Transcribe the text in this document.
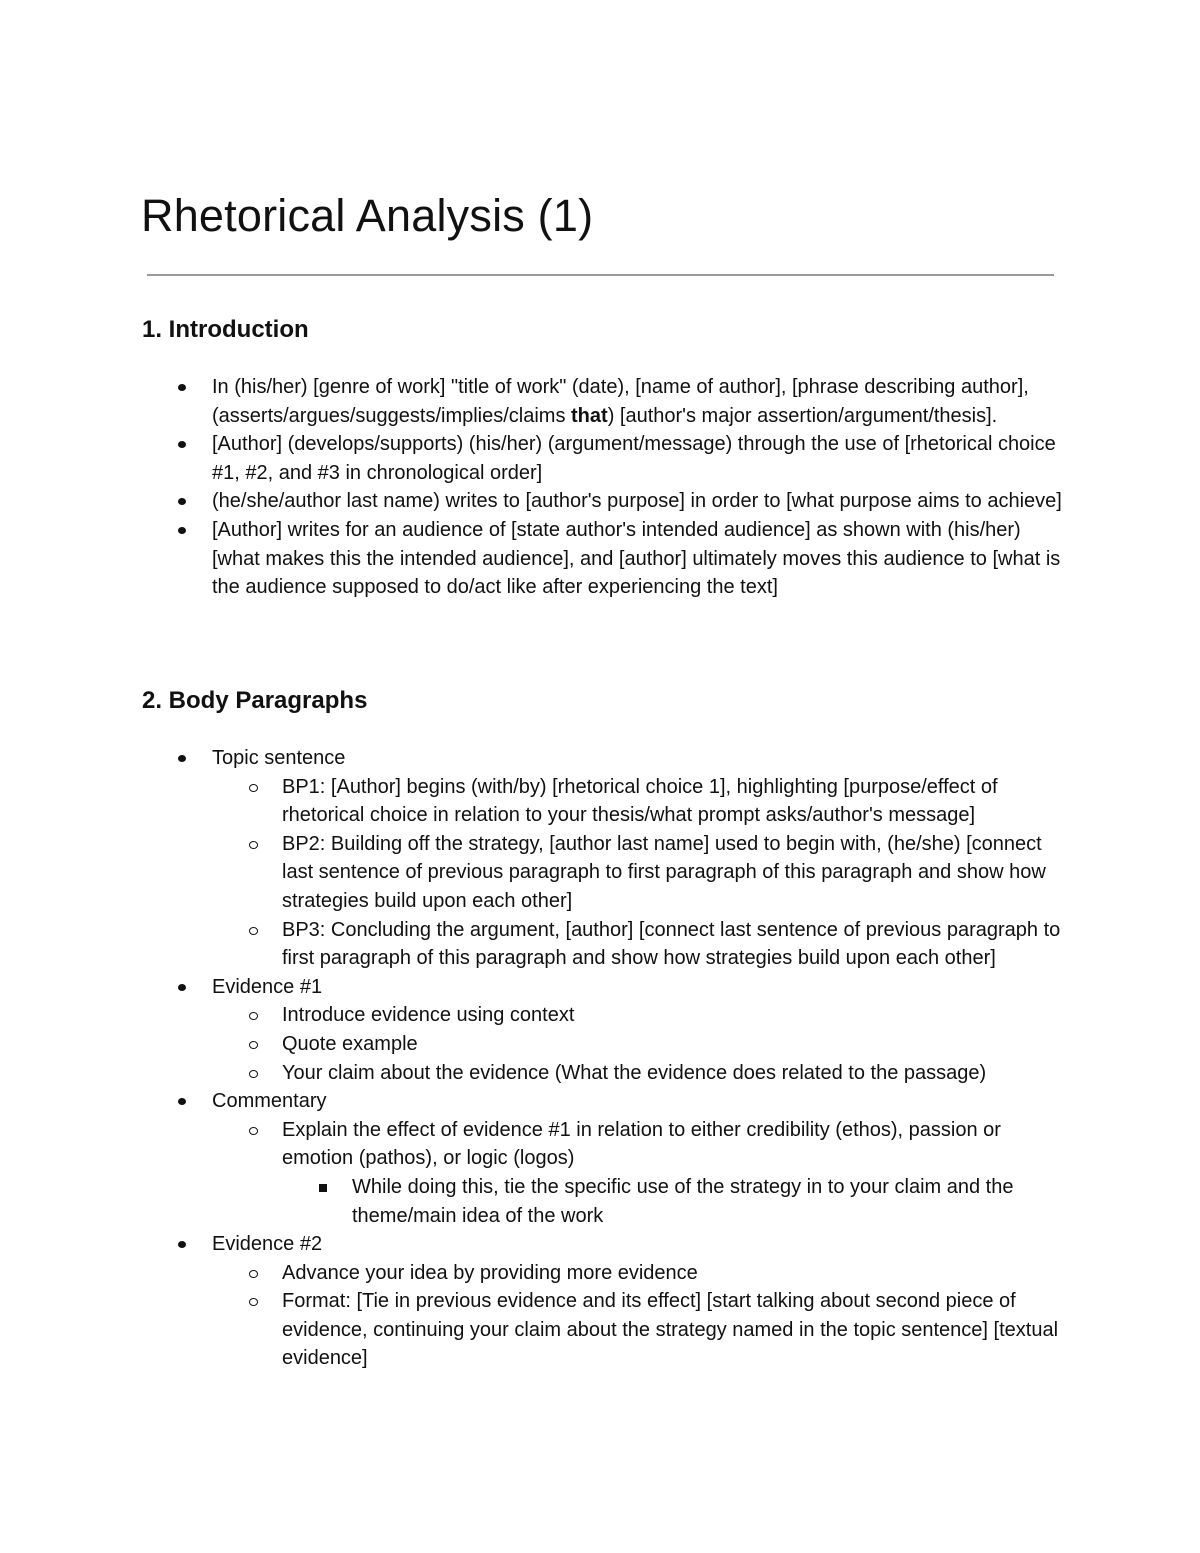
Rhetorical Analysis (1)
1. Introduction
In (his/her) [genre of work] "title of work" (date), [name of author], [phrase describing author], (asserts/argues/suggests/implies/claims that) [author's major assertion/argument/thesis].
[Author] (develops/supports) (his/her) (argument/message) through the use of [rhetorical choice #1, #2, and #3 in chronological order]
(he/she/author last name) writes to [author's purpose] in order to [what purpose aims to achieve]
[Author] writes for an audience of [state author's intended audience] as shown with (his/her) [what makes this the intended audience], and [author] ultimately moves this audience to [what is the audience supposed to do/act like after experiencing the text]
2. Body Paragraphs
Topic sentence
BP1: [Author] begins (with/by) [rhetorical choice 1], highlighting [purpose/effect of rhetorical choice in relation to your thesis/what prompt asks/author's message]
BP2: Building off the strategy, [author last name] used to begin with, (he/she) [connect last sentence of previous paragraph to first paragraph of this paragraph and show how strategies build upon each other]
BP3: Concluding the argument, [author] [connect last sentence of previous paragraph to first paragraph of this paragraph and show how strategies build upon each other]
Evidence #1
Introduce evidence using context
Quote example
Your claim about the evidence (What the evidence does related to the passage)
Commentary
Explain the effect of evidence #1 in relation to either credibility (ethos), passion or emotion (pathos), or logic (logos)
While doing this, tie the specific use of the strategy in to your claim and the theme/main idea of the work
Evidence #2
Advance your idea by providing more evidence
Format: [Tie in previous evidence and its effect] [start talking about second piece of evidence, continuing your claim about the strategy named in the topic sentence] [textual evidence]
